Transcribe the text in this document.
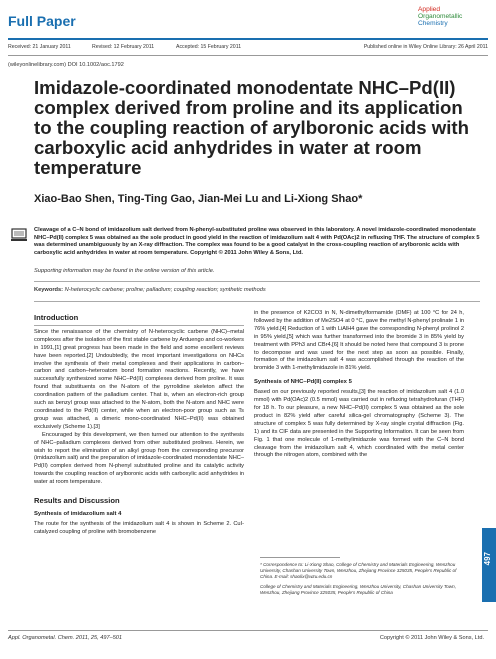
Full Paper
Applied
Organometallic
Chemistry
Received: 21 January 2011	Revised: 12 February 2011	Accepted: 15 February 2011	Published online in Wiley Online Library: 26 April 2011
(wileyonlinelibrary.com) DOI 10.1002/aoc.1792
Imidazole-coordinated monodentate NHC–Pd(II) complex derived from proline and its application to the coupling reaction of arylboronic acids with carboxylic acid anhydrides in water at room temperature
Xiao-Bao Shen, Ting-Ting Gao, Jian-Mei Lu and Li-Xiong Shao*
Cleavage of a C–N bond of imidazolium salt derived from N-phenyl-substituted proline was observed in this laboratory. A novel imidazole-coordinated monodentate NHC–Pd(II) complex 5 was obtained as the sole product in good yield in the reaction of imidazolium salt 4 with Pd(OAc)2 in refluxing THF. The structure of complex 5 was determined unambiguously by an X-ray diffraction. The complex was found to be a good catalyst in the cross-coupling reaction of arylboronic acids with carboxylic acid anhydrides in water at room temperature. Copyright © 2011 John Wiley & Sons, Ltd.
Supporting information may be found in the online version of this article.
Keywords: N-heterocyclic carbene; proline; palladium; coupling reaction; synthetic methods
Introduction

Since the renaissance of the chemistry of N-heterocyclic carbene (NHC)–metal complexes after the isolation of the first stable carbene by Arduengo and co-workers in 1991,[1] great progress has been made in the field and some excellent reviews have been reported.[2] Undoubtedly, the most important investigations on NHCs involve the synthesis of their metal complexes and their applications in carbon–carbon and carbon–heteroatom bond formation reactions. Recently, we have successfully synthesized some NHC–Pd(II) complexes derived from proline. It was found that substituents on the N-atom of the pyrrolidine skeleton affect the coordination pattern of the palladium center. That is, when an electron-rich group such as benzyl group was attached to the N-atom, both the N-atom and NHC were coordinated to the Pd(II) center, while when an electron-poor group such as Ts group was attached, a dimeric mono-coordinated NHC–Pd(II) was obtained exclusively (Scheme 1).[3]

Encouraged by this development, we then turned our attention to the synthesis of NHC–palladium complexes derived from other substituted prolines. Herein, we wish to report the elimination of an alkyl group from the corresponding precursor (imidazolium salt) and the preparation of imidazole-coordinated monodentate NHC–Pd(II) complex derived from N-phenyl substituted proline and its catalytic activity towards the coupling reaction of arylboronic acids with carboxylic acid anhydrides in water at room temperature.

Results and Discussion
Synthesis of imidazolium salt 4

The route for the synthesis of the imidazolium salt 4 is shown in Scheme 2. CuI-catalyzed coupling of proline with bromobenzene

in the presence of K2CO3 in N, N-dimethylformamide (DMF) at 100 °C for 24 h, followed by the addition of Me2SO4 at 0 °C, gave the methyl N-phenyl prolinate 1 in 76% yield.[4] Reduction of 1 with LiAlH4 gave the corresponding N-phenyl prolinol 2 in 95% yield,[5] which was further transformed into the bromide 3 in 85% yield by treatment with PPh3 and CBr4.[6] It should be noted here that compound 3 is prone to decompose and was used for the next step as soon as possible. Finally, formation of the imidazolium salt 4 was accomplished through the reaction of the bromide 3 with 1-methylimidazole in 81% yield.

Synthesis of NHC–Pd(II) complex 5

Based on our previously reported results,[3] the reaction of imidazolium salt 4 (1.0 mmol) with Pd(OAc)2 (0.5 mmol) was carried out in refluxing tetrahydrofuran (THF) for 18 h. To our pleasure, a new NHC–Pd(II) complex 5 was obtained as the sole product in 82% yield after careful silica-gel chromatography (Scheme 3). The structure of complex 5 was fully determined by X-ray single crystal diffraction (Fig. 1) and its CIF data are presented in the Supporting Information. It can be seen from Fig. 1 that one molecule of 1-methylimidazole was formed with the C–N bond cleavage from the imidazolium salt 4, which coordinated with the metal center through the nitrogen atom, combined with the

* Correspondence to: Li-Xiong Shao, College of Chemistry and Materials Engineering, Wenzhou University, Chashan University Town, Wenzhou, Zhejiang Province 325035, People's Republic of China. E-mail: shaolix@wzu.edu.cn

College of Chemistry and Materials Engineering, Wenzhou University, Chashan University Town, Wenzhou, Zhejiang Province 325035, People's Republic of China

497
Appl. Organometal. Chem. 2011, 25, 497–501	Copyright © 2011 John Wiley & Sons, Ltd.
